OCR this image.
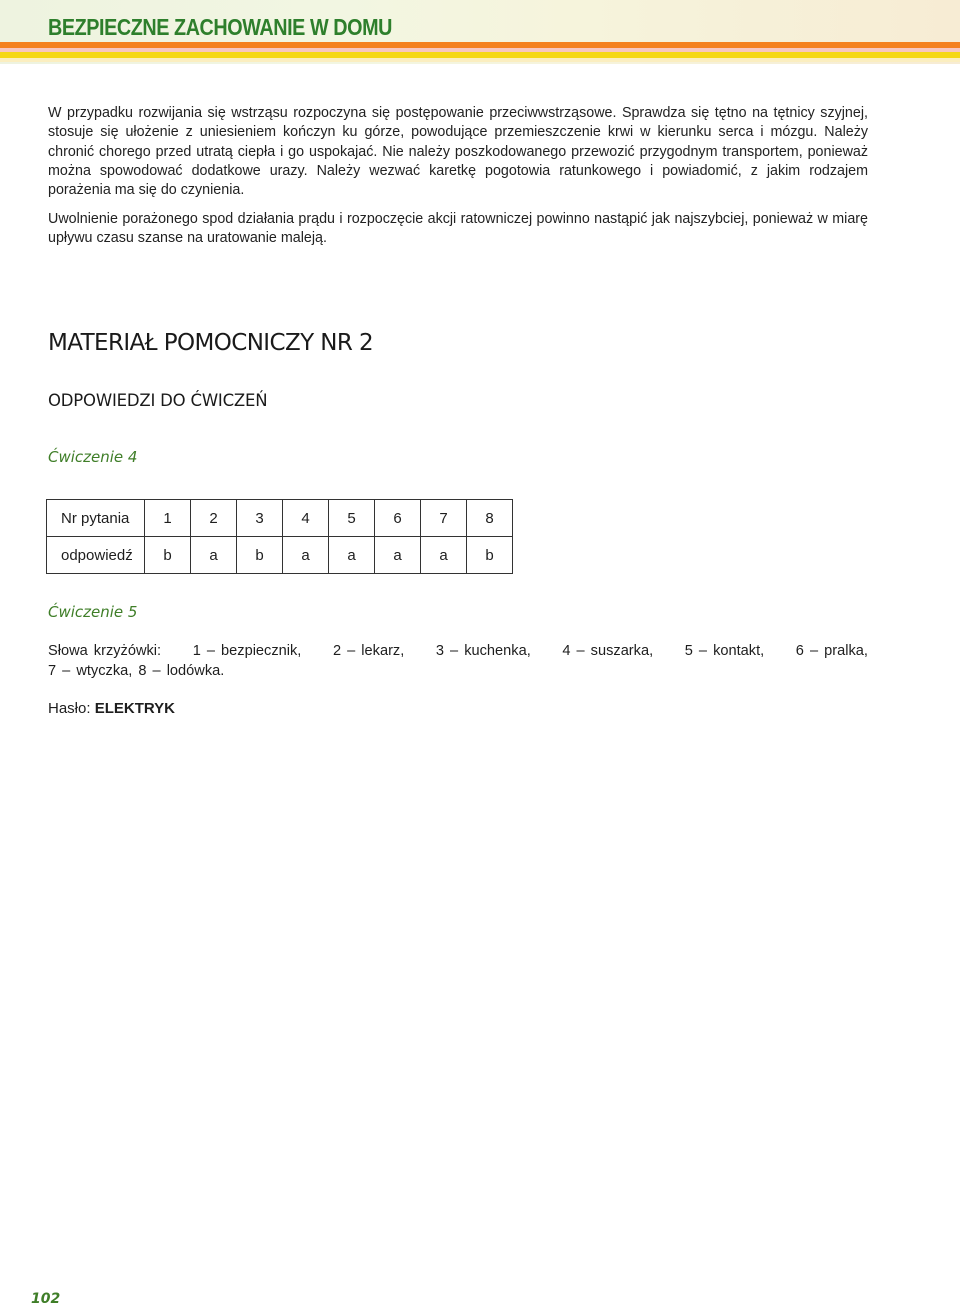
BEZPIECZNE ZACHOWANIE W DOMU

W przypadku rozwijania się wstrząsu rozpoczyna się postępowanie przeciwwstrząsowe. Sprawdza się tętno na tętnicy szyjnej, stosuje się ułożenie z uniesieniem kończyn ku górze, powodujące przemieszczenie krwi w kierunku serca i mózgu. Należy chronić chorego przed utratą ciepła i go uspokajać. Nie należy poszkodowanego przewozić przygodnym transportem, ponieważ można spowodować dodatkowe urazy. Należy wezwać karetkę pogotowia ratunkowego i powiadomić, z jakim rodzajem porażenia ma się do czynienia.

Uwolnienie porażonego spod działania prądu i rozpoczęcie akcji ratowniczej powinno nastąpić jak najszybciej, ponieważ w miarę upływu czasu szanse na uratowanie maleją.

MATERIAŁ POMOCNICZY NR 2
ODPOWIEDZI DO ĆWICZEŃ
Ćwiczenie 4
Nr pytania	1	2	3	4	5	6	7	8
odpowiedź	b	a	b	a	a	a	a	b
Ćwiczenie 5
Słowa krzyżówki: 1 – bezpiecznik, 2 – lekarz, 3 – kuchenka, 4 – suszarka, 5 – kontakt, 6 – pralka,
7 – wtyczka, 8 – lodówka.

Hasło: ELEKTRYK

102
